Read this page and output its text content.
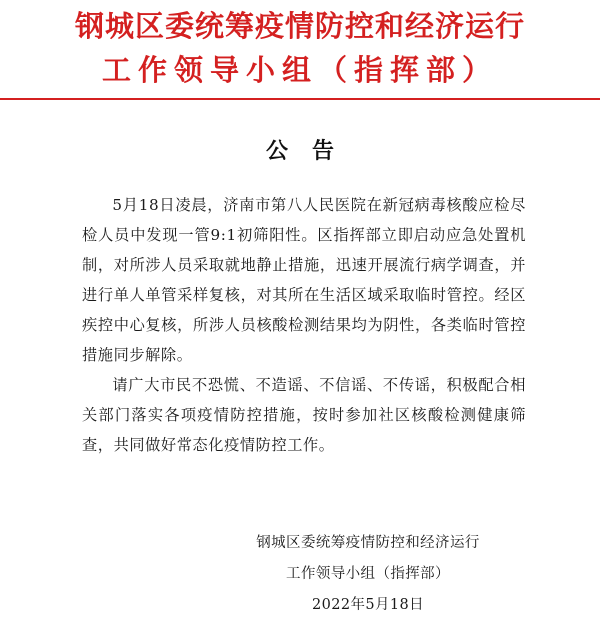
钢城区委统筹疫情防控和经济运行
工作领导小组（指挥部）
公告

5月18日凌晨，济南市第八人民医院在新冠病毒核酸应检尽检人员中发现一管9:1初筛阳性。区指挥部立即启动应急处置机制，对所涉人员采取就地静止措施，迅速开展流行病学调查，并进行单人单管采样复核，对其所在生活区域采取临时管控。经区疾控中心复核，所涉人员核酸检测结果均为阴性，各类临时管控措施同步解除。

请广大市民不恐慌、不造谣、不信谣、不传谣，积极配合相关部门落实各项疫情防控措施，按时参加社区核酸检测健康筛查，共同做好常态化疫情防控工作。

钢城区委统筹疫情防控和经济运行
工作领导小组（指挥部）
2022年5月18日
